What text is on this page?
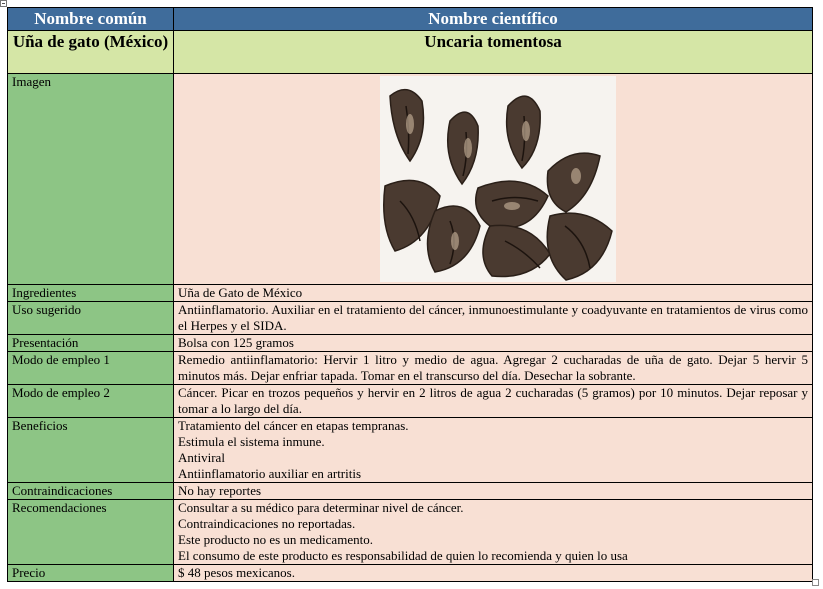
Nombre común	Nombre científico
Uña de gato (México)	Uncaria tomentosa
Imagen	

Ingredientes	Uña de Gato de México
Uso sugerido	Antiinflamatorio. Auxiliar en el tratamiento del cáncer, inmunoestimulante y coadyuvante en tratamientos de virus como el Herpes y el SIDA.
Presentación	Bolsa con 125 gramos
Modo de empleo 1	Remedio antiinflamatorio: Hervir 1 litro y medio de agua. Agregar 2 cucharadas de uña de gato. Dejar 5 hervir 5 minutos más. Dejar enfriar tapada. Tomar en el transcurso del día. Desechar la sobrante.
Modo de empleo 2	Cáncer. Picar en trozos pequeños y hervir en 2 litros de agua 2 cucharadas (5 gramos) por 10 minutos. Dejar reposar y tomar a lo largo del día.
Beneficios	Tratamiento del cáncer en etapas tempranas.
Estimula el sistema inmune.
Antiviral
Antiinflamatorio auxiliar en artritis

Contraindicaciones	No hay reportes
Recomendaciones	Consultar a su médico para determinar nivel de cáncer.
Contraindicaciones no reportadas.
Este producto no es un medicamento.
El consumo de este producto es responsabilidad de quien lo recomienda y quien lo usa

Precio	$ 48 pesos mexicanos.
